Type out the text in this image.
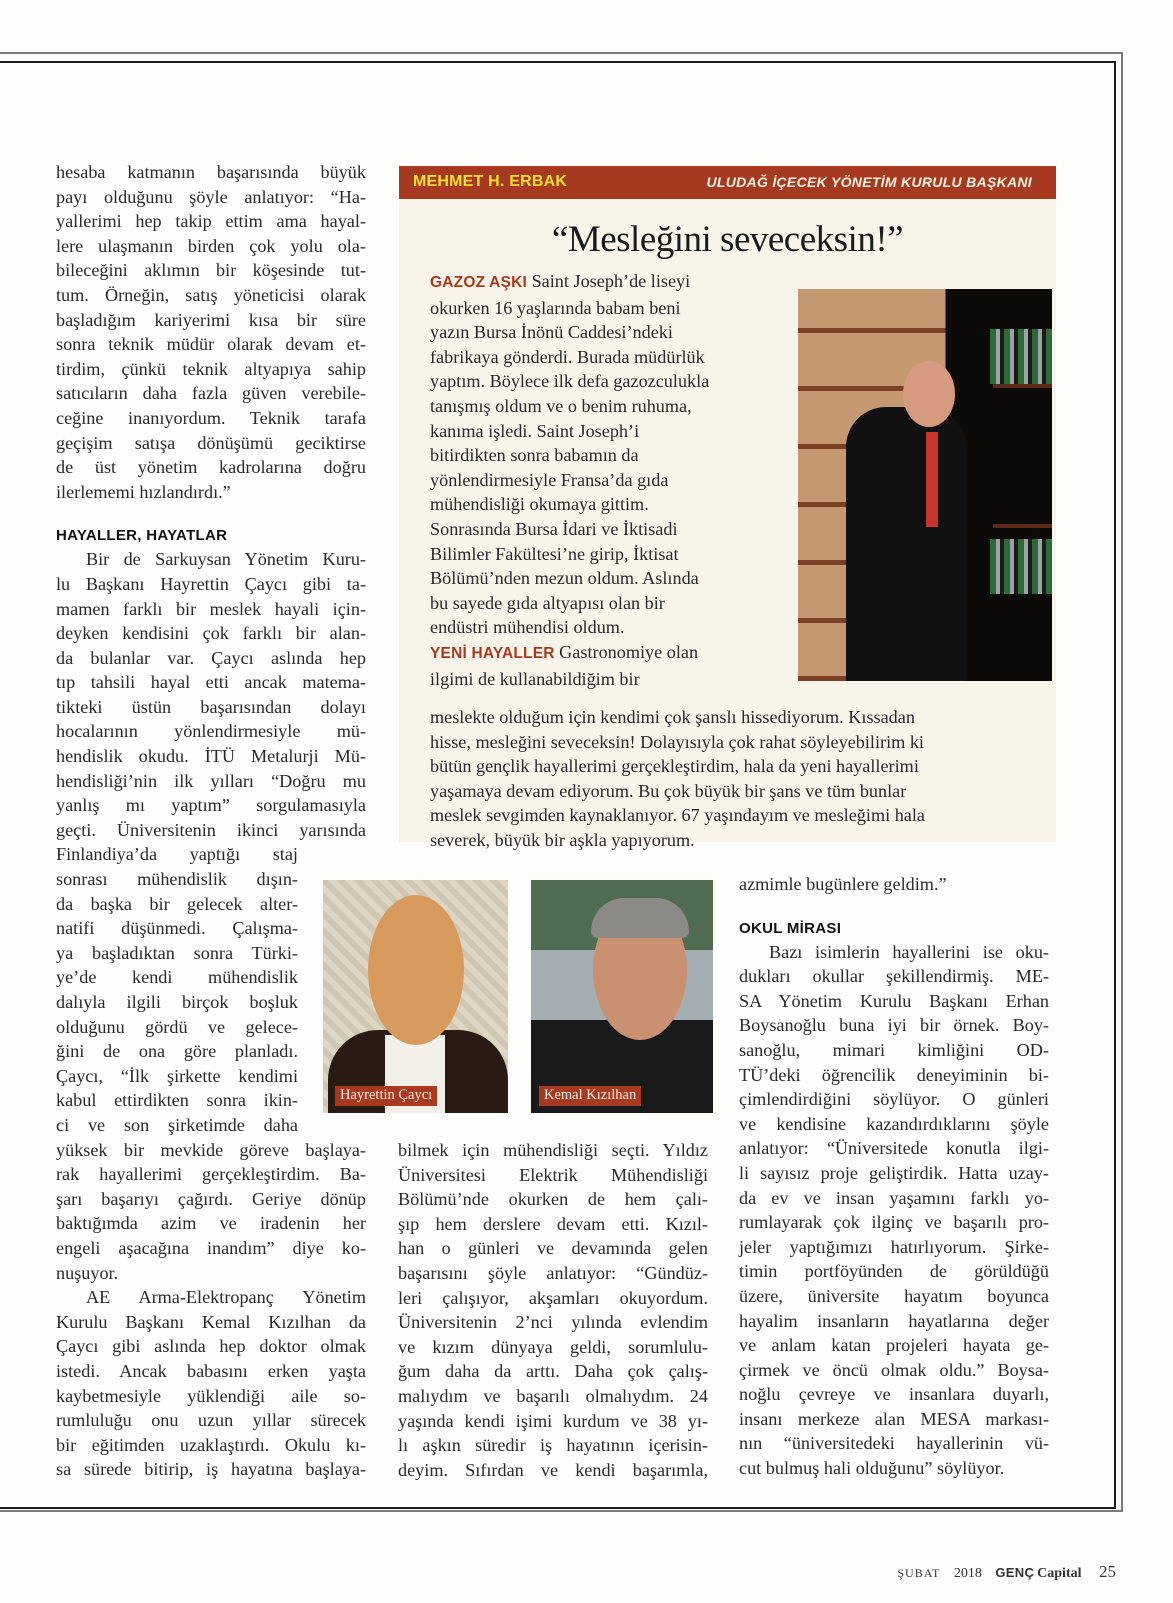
hesaba katmanın başarısında büyük
payı olduğunu şöyle anlatıyor: “Ha-
yallerimi hep takip ettim ama hayal-
lere ulaşmanın birden çok yolu ola-
bileceğini aklımın bir köşesinde tut-
tum. Örneğin, satış yöneticisi olarak
başladığım kariyerimi kısa bir süre
sonra teknik müdür olarak devam et-
tirdim, çünkü teknik altyapıya sahip
satıcıların daha fazla güven verebile-
ceğine inanıyordum. Teknik tarafa
geçişim satışa dönüşümü geciktirse
de üst yönetim kadrolarına doğru
ilerlememi hızlandırdı.”

HAYALLER, HAYATLAR

Bir de Sarkuysan Yönetim Kuru-
lu Başkanı Hayrettin Çaycı gibi ta-
mamen farklı bir meslek hayali için-
deyken kendisini çok farklı bir alan-
da bulanlar var. Çaycı aslında hep
tıp tahsili hayal etti ancak matema-
tikteki üstün başarısından dolayı
hocalarının yönlendirmesiyle mü-
hendislik okudu. İTÜ Metalurji Mü-
hendisliği’nin ilk yılları “Doğru mu
yanlış mı yaptım” sorgulamasıyla
geçti. Üniversitenin ikinci yarısında

Finlandiya’da yaptığı staj
sonrası mühendislik dışın-
da başka bir gelecek alter-
natifi düşünmedi. Çalışma-
ya başladıktan sonra Türki-
ye’de kendi mühendislik
dalıyla ilgili birçok boşluk
olduğunu gördü ve gelece-
ğini de ona göre planladı.
Çaycı, “İlk şirkette kendimi
kabul ettirdikten sonra ikin-
ci ve son şirketimde daha

yüksek bir mevkide göreve başlaya-
rak hayallerimi gerçekleştirdim. Ba-
şarı başarıyı çağırdı. Geriye dönüp
baktığımda azim ve iradenin her
engeli aşacağına inandım” diye ko-
nuşuyor.

AE Arma-Elektropanç Yönetim
Kurulu Başkanı Kemal Kızılhan da
Çaycı gibi aslında hep doktor olmak
istedi. Ancak babasını erken yaşta
kaybetmesiyle yüklendiği aile so-
rumluluğu onu uzun yıllar sürecek
bir eğitimden uzaklaştırdı. Okulu kı-
sa sürede bitirip, iş hayatına başlaya-

MEHMET H. ERBAK	ULUDAĞ İÇECEK YÖNETİM KURULU BAŞKANI
“Mesleğini seveceksin!”
GAZOZ AŞKI Saint Joseph’de liseyi
okurken 16 yaşlarında babam beni
yazın Bursa İnönü Caddesi’ndeki
fabrikaya gönderdi. Burada müdürlük
yaptım. Böylece ilk defa gazozculukla
tanışmış oldum ve o benim ruhuma,
kanıma işledi. Saint Joseph’i
bitirdikten sonra babamın da
yönlendirmesiyle Fransa’da gıda
mühendisliği okumaya gittim.
Sonrasında Bursa İdari ve İktisadi
Bilimler Fakültesi’ne girip, İktisat
Bölümü’nden mezun oldum. Aslında
bu sayede gıda altyapısı olan bir
endüstri mühendisi oldum.
YENİ HAYALLER Gastronomiye olan
ilgimi de kullanabildiğim bir
meslekte olduğum için kendimi çok şanslı hissediyorum. Kıssadan
hisse, mesleğini seveceksin! Dolayısıyla çok rahat söyleyebilirim ki
bütün gençlik hayallerimi gerçekleştirdim, hala da yeni hayallerimi
yaşamaya devam ediyorum. Bu çok büyük bir şans ve tüm bunlar
meslek sevgimden kaynaklanıyor. 67 yaşındayım ve mesleğimi hala
severek, büyük bir aşkla yapıyorum.
Hayrettin Çaycı	Kemal Kızılhan

bilmek için mühendisliği seçti. Yıldız
Üniversitesi Elektrik Mühendisliği
Bölümü’nde okurken de hem çalı-
şıp hem derslere devam etti. Kızıl-
han o günleri ve devamında gelen
başarısını şöyle anlatıyor: “Gündüz-
leri çalışıyor, akşamları okuyordum.
Üniversitenin 2’nci yılında evlendim
ve kızım dünyaya geldi, sorumlulu-
ğum daha da arttı. Daha çok çalış-
malıydım ve başarılı olmalıydım. 24
yaşında kendi işimi kurdum ve 38 yı-
lı aşkın süredir iş hayatının içerisin-
deyim. Sıfırdan ve kendi başarımla,

azmimle bugünlere geldim.”

OKUL MİRASI

Bazı isimlerin hayallerini ise oku-
dukları okullar şekillendirmiş. ME-
SA Yönetim Kurulu Başkanı Erhan
Boysanoğlu buna iyi bir örnek. Boy-
sanoğlu, mimari kimliğini OD-
TÜ’deki öğrencilik deneyiminin bi-
çimlendirdiğini söylüyor. O günleri
ve kendisine kazandırdıklarını şöyle
anlatıyor: “Üniversitede konutla ilgi-
li sayısız proje geliştirdik. Hatta uzay-
da ev ve insan yaşamını farklı yo-
rumlayarak çok ilginç ve başarılı pro-
jeler yaptığımızı hatırlıyorum. Şirke-
timin portföyünden de görüldüğü
üzere, üniversite hayatım boyunca
hayalim insanların hayatlarına değer
ve anlam katan projeleri hayata ge-
çirmek ve öncü olmak oldu.” Boysa-
noğlu çevreye ve insanlara duyarlı,
insanı merkeze alan MESA markası-
nın “üniversitedeki hayallerinin vü-
cut bulmuş hali olduğunu” söylüyor.

ŞUBAT 2018 GENÇ Capital 25
